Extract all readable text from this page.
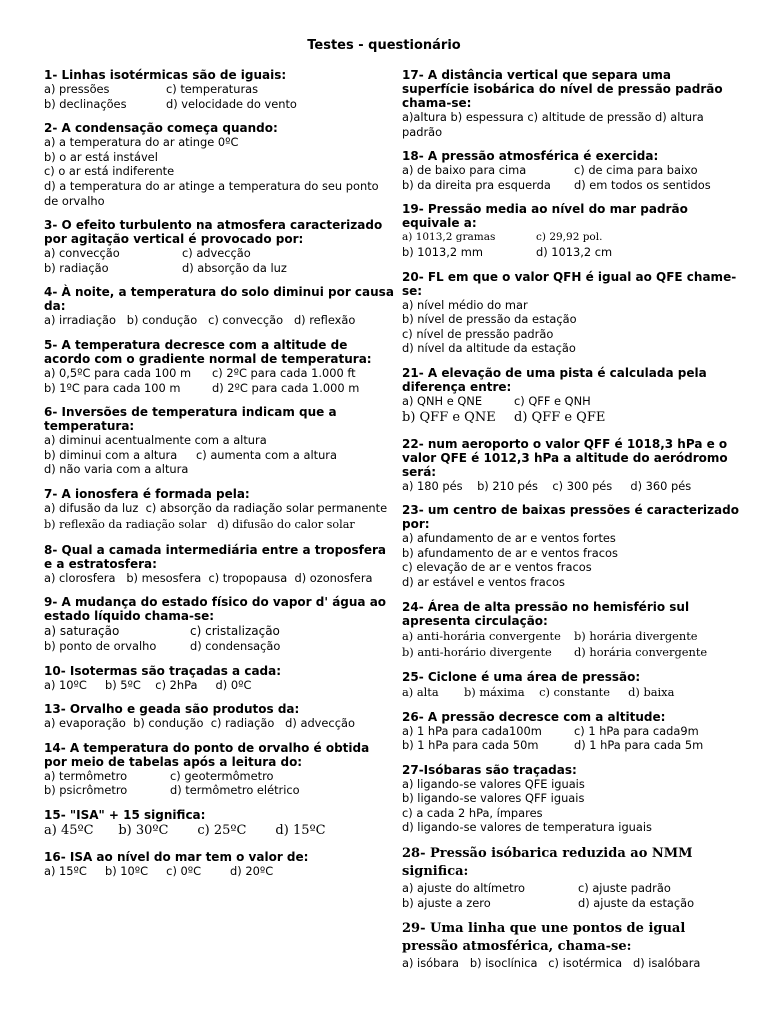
Testes - questionário
1- Linhas isotérmicas são de iguais:
a) pressões	c) temperaturas
b) declinações	d) velocidade do vento
2- A condensação começa quando:
a) a temperatura do ar atinge 0ºC
b) o ar está instável
c) o ar está indiferente
d) a temperatura do ar atinge a temperatura do seu ponto de orvalho
3- O efeito turbulento na atmosfera caracterizado por agitação vertical é provocado por:
a) convecção	c) advecção
b) radiação	d) absorção da luz
4- À noite, a temperatura do solo diminui por causa da:
a) irradiação   b) condução   c) convecção   d) reflexão
5- A temperatura decresce com a altitude de acordo com o gradiente normal de temperatura:
a) 0,5ºC para cada 100 m	c) 2ºC para cada 1.000 ft
b) 1ºC para cada 100 m	d) 2ºC para cada 1.000 m
6- Inversões de temperatura indicam que a temperatura:
a) diminui acentualmente com a altura
b) diminui com a altura	c) aumenta com a altura
d) não varia com a altura
7- A ionosfera é formada pela:
a) difusão da luz  c) absorção da radiação solar permanente
b) reflexão da radiação solar   d) difusão do calor solar
8- Qual a camada intermediária entre a troposfera e a estratosfera:
a) clorosfera   b) mesosfera  c) tropopausa  d) ozonosfera
9- A mudança do estado físico do vapor d' água ao estado líquido chama-se:
a) saturação	c) cristalização
b) ponto de orvalho	d) condensação
10- Isotermas são traçadas a cada:
a) 10ºC     b) 5ºC    c) 2hPa     d) 0ºC
13- Orvalho e geada são produtos da:
a) evaporação  b) condução  c) radiação   d) advecção
14- A temperatura do ponto de orvalho é obtida por meio de tabelas após a leitura do:
a) termômetro	c) geotermômetro
b) psicrômetro	d) termômetro elétrico
15- "ISA" + 15 significa:
a) 45ºC      b) 30ºC       c) 25ºC       d) 15ºC
16- ISA ao nível do mar tem o valor de:
a) 15ºC     b) 10ºC     c) 0ºC        d) 20ºC
17- A distância vertical que separa uma superfície isobárica do nível de pressão padrão chama-se:
a)altura b) espessura c) altitude de pressão d) altura padrão
18- A pressão atmosférica é exercida:
a) de baixo para cima	c) de cima para baixo
b) da direita pra esquerda	d) em todos os sentidos
19- Pressão media ao nível do mar padrão equivale a:
a) 1013,2 gramas	c) 29,92 pol.
b) 1013,2 mm	d) 1013,2 cm
20- FL em que o valor QFH é igual ao QFE chame-se:
a) nível médio do mar
b) nível de pressão da estação
c) nível de pressão padrão
d) nível da altitude da estação
21- A elevação de uma pista é calculada pela diferença entre:
a) QNH e QNE	c) QFF e QNH
b) QFF e QNE	d) QFF e QFE
22- num aeroporto o valor QFF é 1018,3 hPa e o valor QFE é 1012,3 hPa a altitude do aeródromo será:
a) 180 pés    b) 210 pés    c) 300 pés     d) 360 pés
23- um centro de baixas pressões é caracterizado por:
a) afundamento de ar e ventos fortes
b) afundamento de ar e ventos fracos
c) elevação de ar e ventos fracos
d) ar estável e ventos fracos
24- Área de alta pressão no hemisfério sul apresenta circulação:
a) anti-horária convergente	b) horária divergente
b) anti-horário divergente	d) horária convergente
25- Ciclone é uma área de pressão:
a) alta       b) máxima    c) constante     d) baixa
26- A pressão decresce com a altitude:
a) 1 hPa para cada100m	c) 1 hPa para cada9m
b) 1 hPa para cada 50m	d) 1 hPa para cada 5m
27-Isóbaras são traçadas:
a) ligando-se valores QFE iguais
b) ligando-se valores QFF iguais
c) a cada 2 hPa, ímpares
d) ligando-se valores de temperatura iguais
28- Pressão isóbarica reduzida ao NMM significa:
a) ajuste do altímetro	c) ajuste padrão
b) ajuste a zero	d) ajuste da estação
29- Uma linha que une pontos de igual pressão atmosférica, chama-se:
a) isóbara   b) isoclínica   c) isotérmica   d) isalóbara
